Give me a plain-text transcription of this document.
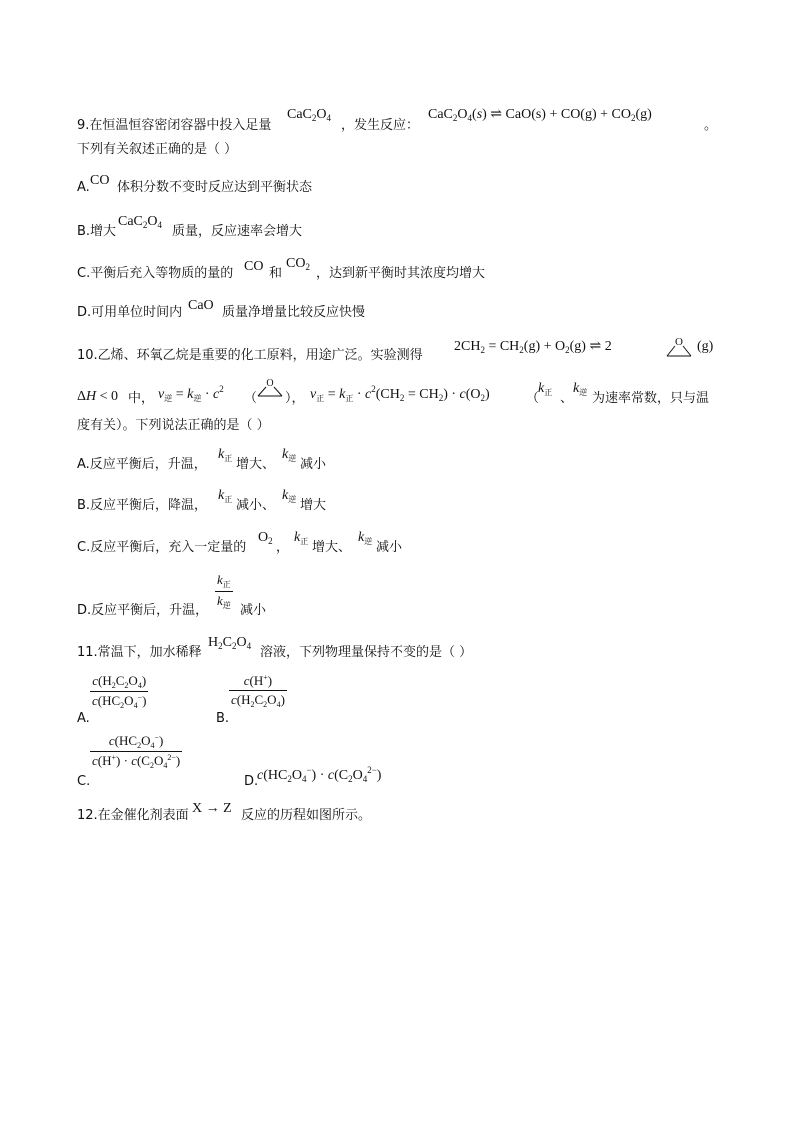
9.在恒温恒容密闭容器中投入足量
$CaC_2O_4$ ，发生反应：
$CaC_2O_4(s)$ ⇌ $CaO(s) + CO(g) + CO_2(g)$
。
下列有关叙述正确的是（ ）
A. CO 体积分数不变时反应达到平衡状态
B.增大
$CaC_2O_4$ 质量，反应速率会增大
C.平衡后充入等物质的量的 CO 和
$CO_2$ ，达到新平衡时其浓度均增大
D.可用单位时间内 CaO 质量净增量比较反应快慢
10.乙烯、环氧乙烷是重要的化工原料，用途广泛。实验测得
$2CH_2 = CH_2(g) + O_2(g)$ ⇌ 2	O (g)
ΔH < 0 中， $v_逆 = k_逆 \cdot c^2$
（
O
）， $v_正 = k_正 \cdot c^2(CH_2 = CH_2) \cdot c(O_2)$	（
$k_正$ 、
$k_逆$ 为速率常数，只与温
度有关）。下列说法正确的是（ ）
A.反应平衡后，升温，
$k_正$ 增大、
$k_逆$ 减小
B.反应平衡后，降温，
$k_正$ 减小、
$k_逆$ 增大
C.反应平衡后，充入一定量的
$O_2$ ，
$k_正$ 增大、
$k_逆$ 减小
D.反应平衡后，升温，
$k_正$
$k_逆$ 减小
11.常温下，加水稀释
$H_2C_2O_4$ 溶液，下列物理量保持不变的是（ ）
A.
$\frac{c(H_2C_2O_4)}{c(HC_2O_4^-)}$
B.
$\frac{c(H^+)}{c(H_2C_2O_4)}$
C.
$\frac{c(HC_2O_4^-)}{c(H^+) \cdot c(C_2O_4^{2-})}$
D.
$c(HC_2O_4^-) \cdot c(C_2O_4^{2-})$
12.在金催化剂表面 X → Z 反应的历程如图所示。
